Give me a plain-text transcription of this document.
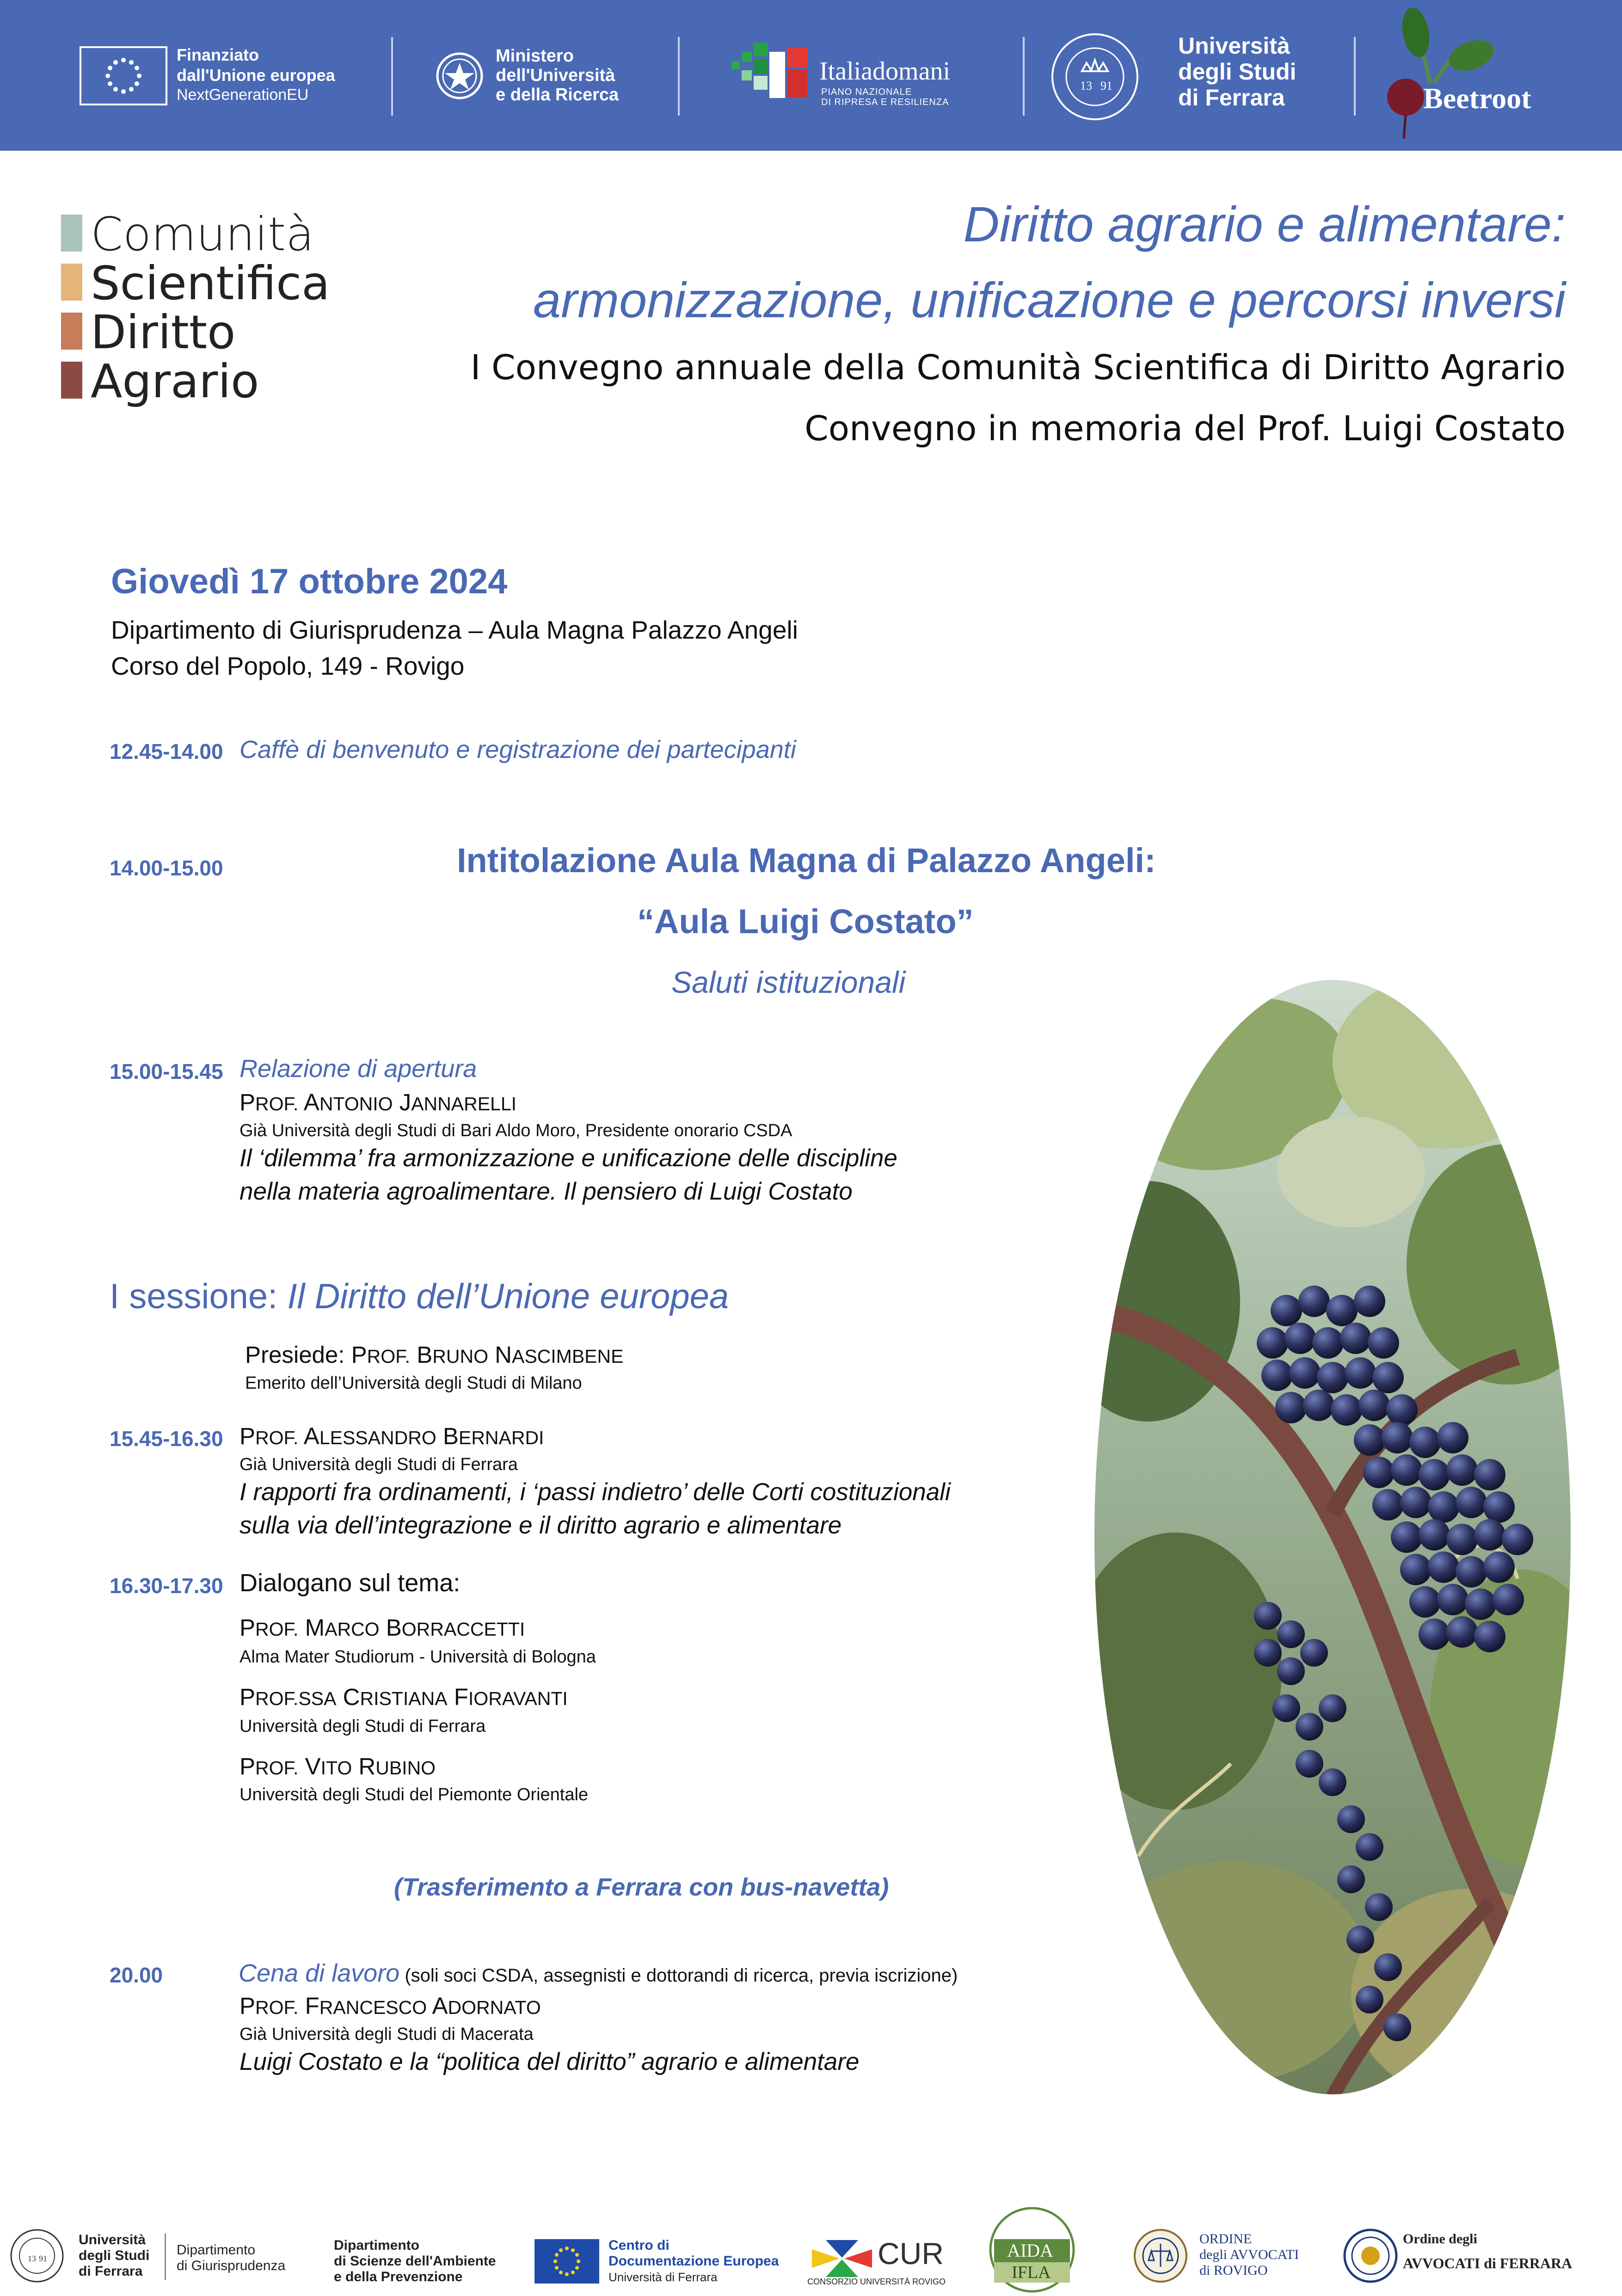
Finanziato
dall'Unione europea
NextGenerationEU
Ministero
dell'Università
e della Ricerca
Italiadomani
PIANO NAZIONALE
DI RIPRESA E RESILIENZA
13 91
Università
degli Studi
di Ferrara	Beetroot
Comunità
Scientifica
Diritto
Agrario
Diritto agrario e alimentare:
armonizzazione, unificazione e percorsi inversi
I Convegno annuale della Comunità Scientifica di Diritto Agrario
Convegno in memoria del Prof. Luigi Costato
Giovedì 17 ottobre 2024
Dipartimento di Giurisprudenza – Aula Magna Palazzo Angeli
Corso del Popolo, 149 - Rovigo
12.45-14.00 Caffè di benvenuto e registrazione dei partecipanti
14.00-15.00	Intitolazione Aula Magna di Palazzo Angeli:
“Aula Luigi Costato”
Saluti istituzionali
15.00-15.45 Relazione di apertura
PROF. ANTONIO JANNARELLI
Già Università degli Studi di Bari Aldo Moro, Presidente onorario CSDA
Il ‘dilemma’ fra armonizzazione e unificazione delle discipline
nella materia agroalimentare. Il pensiero di Luigi Costato
I sessione: Il Diritto dell’Unione europea
Presiede: PROF. BRUNO NASCIMBENE
Emerito dell’Università degli Studi di Milano
15.45-16.30 PROF. ALESSANDRO BERNARDI
Già Università degli Studi di Ferrara
I rapporti fra ordinamenti, i ‘passi indietro’ delle Corti costituzionali
sulla via dell’integrazione e il diritto agrario e alimentare
16.30-17.30 Dialogano sul tema:
PROF. MARCO BORRACCETTI
Alma Mater Studiorum - Università di Bologna
PROF.SSA CRISTIANA FIORAVANTI
Università degli Studi di Ferrara
PROF. VITO RUBINO
Università degli Studi del Piemonte Orientale
(Trasferimento a Ferrara con bus-navetta)
20.00	Cena di lavoro (soli soci CSDA, assegnisti e dottorandi di ricerca, previa iscrizione)
PROF. FRANCESCO ADORNATO
Già Università degli Studi di Macerata
Luigi Costato e la “politica del diritto” agrario e alimentare
13 91
Università
degli Studi
di Ferrara
Dipartimento
di Giurisprudenza
Dipartimento
di Scienze dell'Ambiente
e della Prevenzione
Centro di
Documentazione Europea
Università di Ferrara
CUR
CONSORZIO UNIVERSITÀ ROVIGO
AIDA
IFLA
ORDINE
degli AVVOCATI
di ROVIGO
Ordine degli
AVVOCATI di FERRARA
